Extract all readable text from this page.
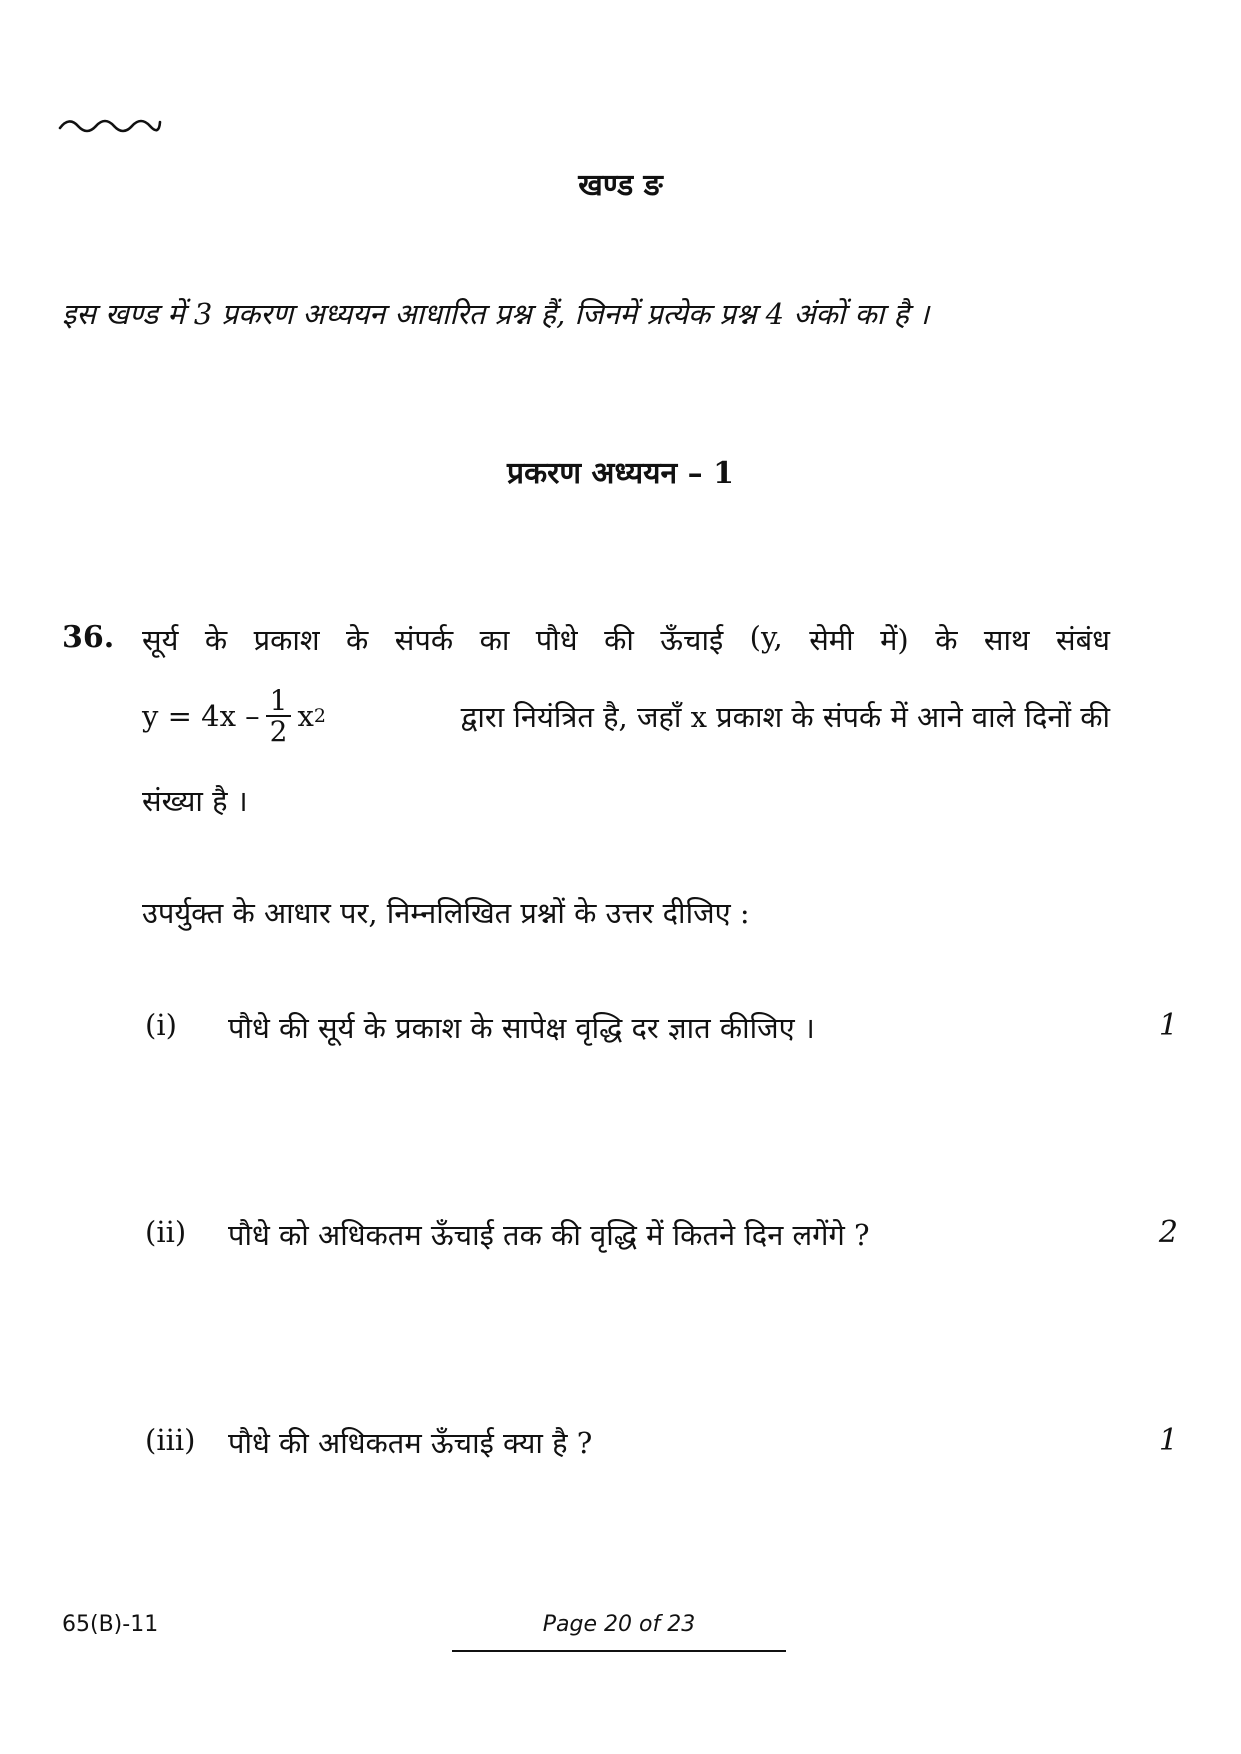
खण्ड ङ
इस खण्ड में 3 प्रकरण अध्ययन आधारित प्रश्न हैं, जिनमें प्रत्येक प्रश्न 4 अंकों का है ।
प्रकरण अध्ययन – 1
36. सूर्य के प्रकाश के संपर्क का पौधे की ऊँचाई (y, सेमी में) के साथ संबंध
$y = 4x - \frac{1}{2}$ x 2	द्वारा नियंत्रित है, जहाँ x प्रकाश के संपर्क में आने वाले दिनों की
संख्या है ।
उपर्युक्त के आधार पर, निम्नलिखित प्रश्नों के उत्तर दीजिए :
(i) पौधे की सूर्य के प्रकाश के सापेक्ष वृद्धि दर ज्ञात कीजिए ।	1
(ii) पौधे को अधिकतम ऊँचाई तक की वृद्धि में कितने दिन लगेंगे ?	2
(iii) पौधे की अधिकतम ऊँचाई क्या है ?	1
65(B)-11	Page 20 of 23
